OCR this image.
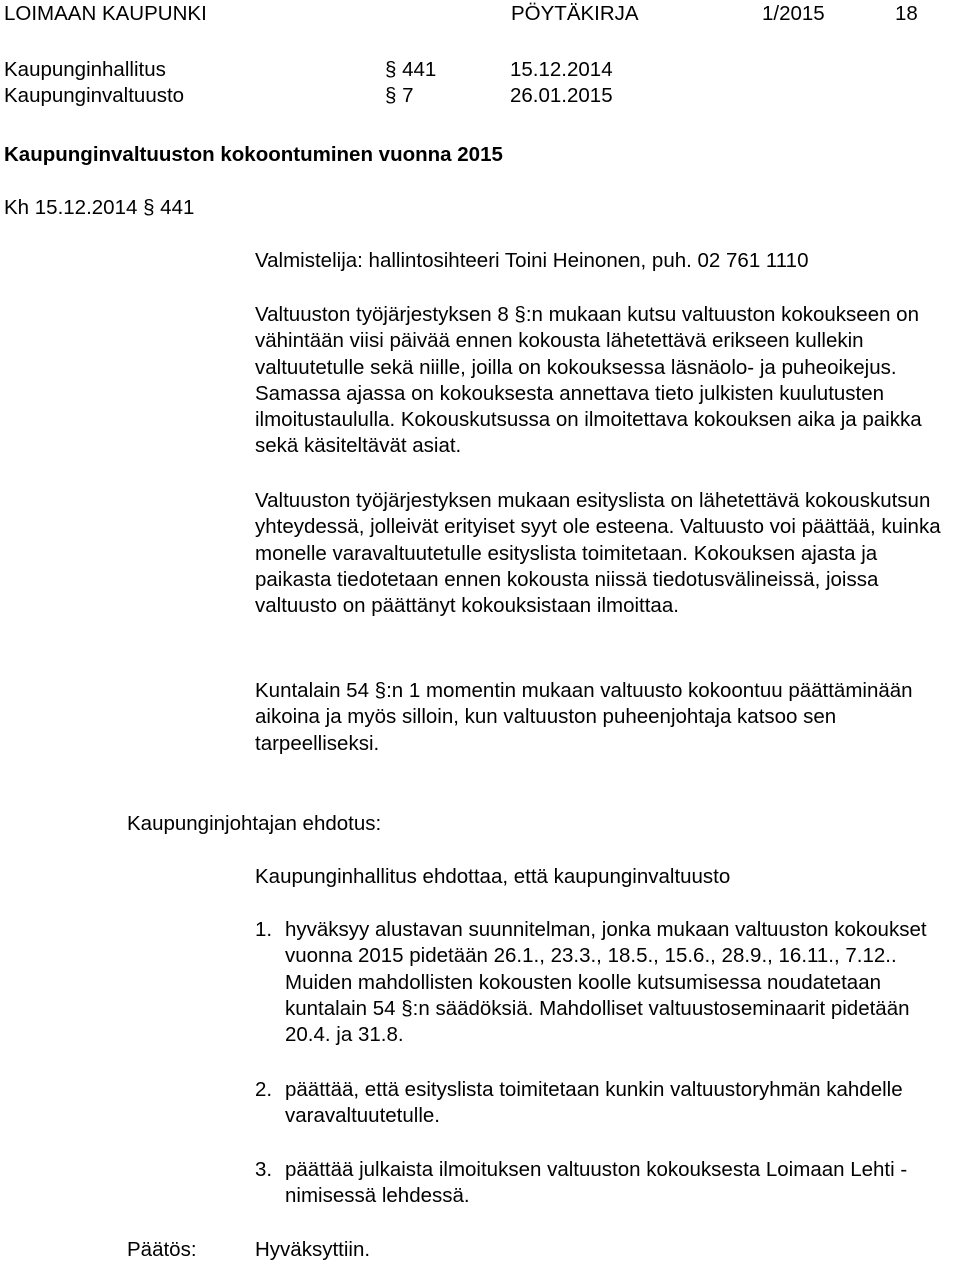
LOIMAAN KAUPUNKI	PÖYTÄKIRJA	1/2015	18
Kaupunginhallitus	§ 441	15.12.2014
Kaupunginvaltuusto	§ 7	26.01.2015
Kaupunginvaltuuston kokoontuminen vuonna 2015
Kh 15.12.2014 § 441
Valmistelija: hallintosihteeri Toini Heinonen, puh. 02 761 1110

Valtuuston työjärjestyksen 8 §:n mukaan kutsu valtuuston kokoukseen on vähintään viisi päivää ennen kokousta lähetettävä erikseen kullekin valtuutetulle sekä niille, joilla on kokouksessa läsnäolo- ja puheoikejus. Samassa ajassa on kokouksesta annettava tieto julkisten kuulutusten ilmoitustaululla. Kokouskutsussa on ilmoitettava kokouksen aika ja paikka sekä käsiteltävät asiat.

Valtuuston työjärjestyksen mukaan esityslista on lähetettävä kokouskutsun yhteydessä, jolleivät erityiset syyt ole esteena. Valtuusto voi päättää, kuinka monelle varavaltuutetulle esityslista toimitetaan. Kokouksen ajasta ja paikasta tiedotetaan ennen kokousta niissä tiedotusvälineissä, joissa valtuusto on päättänyt kokouksistaan ilmoittaa.

Kuntalain 54 §:n 1 momentin mukaan valtuusto kokoontuu päättäminään aikoina ja myös silloin, kun valtuuston puheenjohtaja katsoo sen tarpeelliseksi.

Kaupunginjohtajan ehdotus:
Kaupunginhallitus ehdottaa, että kaupunginvaltuusto
1. hyväksyy alustavan suunnitelman, jonka mukaan valtuuston kokoukset vuonna 2015 pidetään 26.1., 23.3., 18.5., 15.6., 28.9., 16.11., 7.12.. Muiden mahdollisten kokousten koolle kutsumisessa noudatetaan kuntalain 54 §:n säädöksiä. Mahdolliset valtuustoseminaarit pidetään 20.4. ja 31.8.
2. päättää, että esityslista toimitetaan kunkin valtuustoryhmän kahdelle varavaltuutetulle.
3. päättää julkaista ilmoituksen valtuuston kokouksesta Loimaan Lehti -nimisessä lehdessä.
Päätös:	Hyväksyttiin.
